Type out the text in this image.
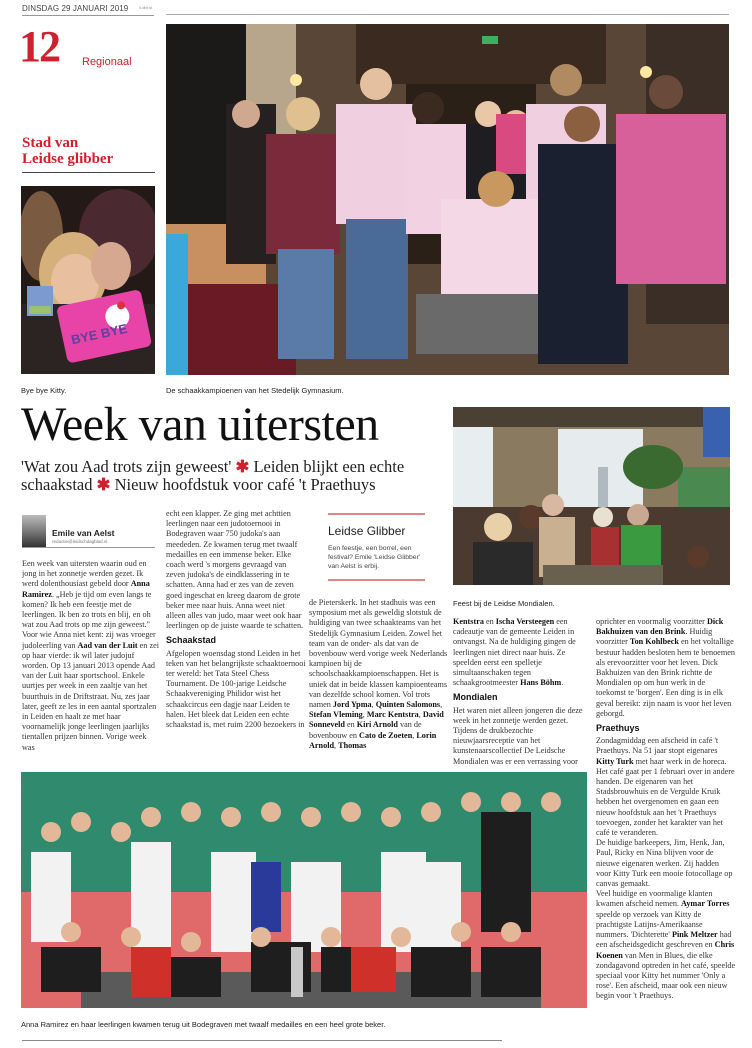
DINSDAG 29 JANUARI 2019	li.dbt.nl
12 Regionaal
Stad van
Leidse glibber
BYE BYE
Bye bye Kitty.	De schaakkampioenen van het Stedelijk Gymnasium.
Week van uitersten
'Wat zou Aad trots zijn geweest' ✱ Leiden blijkt een echte schaakstad ✱ Nieuw hoofdstuk voor café 't Praethuys
Emile van Aelst
redactie@leidschdagblad.nl

Een week van uitersten waarin oud en jong in het zonnetje werden gezet. Ik werd dolenthousiast gebeld door Anna Ramirez. „Heb je tijd om even langs te komen? Ik heb een feestje met de leerlingen. Ik ben zo trots en blij, en oh wat zou Aad trots op me zijn geweest." Voor wie Anna niet kent: zij was vroeger judoleerling van Aad van der Luit en zei op haar vierde: ik wil later judojuf worden. Op 13 januari 2013 opende Aad van der Luit haar sportschool. Enkele uurtjes per week in een zaaltje van het buurthuis in de Driftstraat. Nu, zes jaar later, geeft ze les in een aantal sportzalen in Leiden en haalt ze met haar voornamelijk jonge leerlingen jaarlijks tientallen prijzen binnen. Vorige week was

echt een klapper. Ze ging met achttien leerlingen naar een judotoernooi in Bodegraven waar 750 judoka's aan meededen. Ze kwamen terug met twaalf medailles en een immense beker. Elke coach werd 's morgens gevraagd van zeven judoka's de eindklassering in te schatten. Anna had er zes van de zeven goed ingeschat en kreeg daarom de grote beker mee naar huis. Anna weet niet alleen alles van judo, maar weet ook haar leerlingen op de juiste waarde te schatten.

Schaakstad

Afgelopen woensdag stond Leiden in het teken van het belangrijkste schaaktoernooi ter wereld: het Tata Steel Chess Tournament. De 100-jarige Leidsche Schaakvereniging Philidor wist het schaakcircus een dagje naar Leiden te halen. Het bleek dat Leiden een echte schaakstad is, met ruim 2200 bezoekers in

Leidse Glibber
Een feestje, een borrel, een festival? Emile 'Leidse Glibber' van Aelst is erbij.

de Pieterskerk. In het stadhuis was een symposium met als geweldig slotstuk de huldiging van twee schaakteams van het Stedelijk Gymnasium Leiden. Zowel het team van de onder- als dat van de bovenbouw werd vorige week Nederlands kampioen bij de schoolschaakkampioenschappen. Het is uniek dat in beide klassen kampioenteams van dezelfde school komen. Vol trots namen Jord Ypma, Quinten Salomons, Stefan Vleming, Marc Kentstra, David Sonneveld en Kiri Arnold van de bovenbouw en Cato de Zoeten, Lorin Arnold, Thomas

Feest bij de Leidse Mondialen.

Kentstra en Ischa Versteegen een cadeautje van de gemeente Leiden in ontvangst. Na de huldiging gingen de leerlingen niet direct naar huis. Ze speelden eerst een spelletje simultaanschaken tegen schaakgrootmeester Hans Böhm.

Mondialen

Het waren niet alleen jongeren die deze week in het zonnetje werden gezet. Tijdens de drukbezochte nieuwjaarsreceptie van het kunstenaarscollectief De Leidsche Mondialen was er een verrassing voor

oprichter en voormalig voorzitter Dick Bakhuizen van den Brink. Huidig voorzitter Ton Kohlbeck en het voltallige bestuur hadden besloten hem te benoemen als erevoorzitter voor het leven. Dick Bakhuizen van den Brink richtte de Mondialen op om hun werk in de toekomst te 'borgen'. Een ding is in elk geval bereikt: zijn naam is voor het leven geborgd.

Praethuys

Zondagmiddag een afscheid in café 't Praethuys. Na 51 jaar stopt eigenares Kitty Turk met haar werk in de horeca. Het café gaat per 1 februari over in andere handen. De eigenaren van het Stadsbrouwhuis en de Vergulde Kruik hebben het overgenomen en gaan een nieuw hoofdstuk aan het 't Praethuys toevoegen, zonder het karakter van het café te veranderen.

De huidige barkeepers, Jim, Henk, Jan, Paul, Ricky en Nina blijven voor de nieuwe eigenaren werken. Zij hadden voor Kitty Turk een mooie fotocollage op canvas gemaakt.

Veel huidige en voormalige klanten kwamen afscheid nemen. Aymar Torres speelde op verzoek van Kitty de prachtigste Latijns-Amerikaanse nummers. 'Dichterette' Pink Meltzer had een afscheidsgedicht geschreven en Chris Koenen van Men in Blues, die elke zondagavond optreden in het café, speelde speciaal voor Kitty het nummer 'Only a rose'. Een afscheid, maar ook een nieuw begin voor 't Praethuys.

Anna Ramirez en haar leerlingen kwamen terug uit Bodegraven met twaalf medailles en een heel grote beker.
